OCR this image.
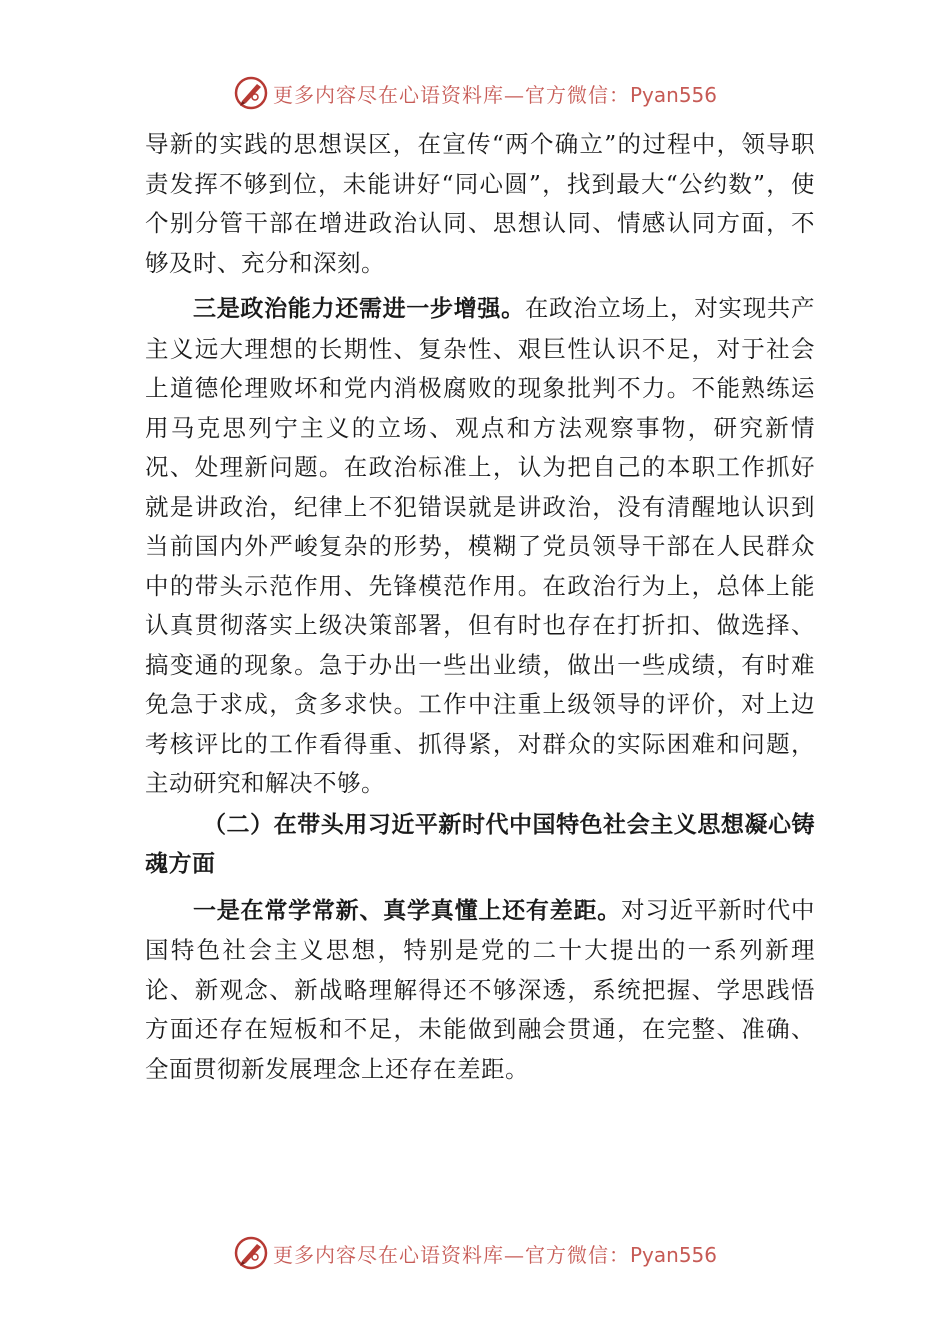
更多内容尽在心语资料库—官方微信：Pyan556

导新的实践的思想误区，在宣传“两个确立”的过程中，领导职责发挥不够到位，未能讲好“同心圆”，找到最大“公约数”，使个别分管干部在增进政治认同、思想认同、情感认同方面，不够及时、充分和深刻。

三是政治能力还需进一步增强。在政治立场上，对实现共产主义远大理想的长期性、复杂性、艰巨性认识不足，对于社会上道德伦理败坏和党内消极腐败的现象批判不力。不能熟练运用马克思列宁主义的立场、观点和方法观察事物，研究新情况、处理新问题。在政治标准上，认为把自己的本职工作抓好就是讲政治，纪律上不犯错误就是讲政治，没有清醒地认识到当前国内外严峻复杂的形势，模糊了党员领导干部在人民群众中的带头示范作用、先锋模范作用。在政治行为上，总体上能认真贯彻落实上级决策部署，但有时也存在打折扣、做选择、搞变通的现象。急于办出一些出业绩，做出一些成绩，有时难免急于求成，贪多求快。工作中注重上级领导的评价，对上边考核评比的工作看得重、抓得紧，对群众的实际困难和问题，主动研究和解决不够。

（二）在带头用习近平新时代中国特色社会主义思想凝心铸魂方面

一是在常学常新、真学真懂上还有差距。对习近平新时代中国特色社会主义思想，特别是党的二十大提出的一系列新理论、新观念、新战略理解得还不够深透，系统把握、学思践悟方面还存在短板和不足，未能做到融会贯通，在完整、准确、全面贯彻新发展理念上还存在差距。

更多内容尽在心语资料库—官方微信：Pyan556
